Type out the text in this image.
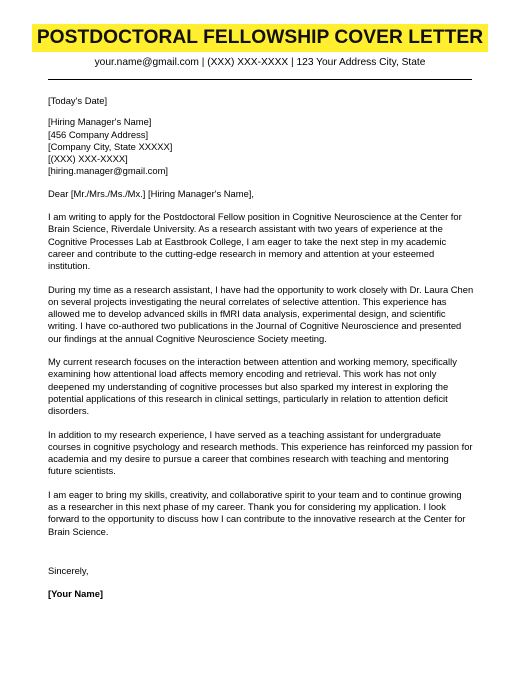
POSTDOCTORAL FELLOWSHIP COVER LETTER
your.name@gmail.com | (XXX) XXX-XXXX | 123 Your Address City, State

[Today's Date]

[Hiring Manager's Name]
[456 Company Address]
[Company City, State XXXXX]
[(XXX) XXX-XXXX]
[hiring.manager@gmail.com]

Dear [Mr./Mrs./Ms./Mx.] [Hiring Manager's Name],

I am writing to apply for the Postdoctoral Fellow position in Cognitive Neuroscience at the Center for
Brain Science, Riverdale University. As a research assistant with two years of experience at the
Cognitive Processes Lab at Eastbrook College, I am eager to take the next step in my academic
career and contribute to the cutting-edge research in memory and attention at your esteemed
institution.
During my time as a research assistant, I have had the opportunity to work closely with Dr. Laura Chen
on several projects investigating the neural correlates of selective attention. This experience has
allowed me to develop advanced skills in fMRI data analysis, experimental design, and scientific
writing. I have co-authored two publications in the Journal of Cognitive Neuroscience and presented
our findings at the annual Cognitive Neuroscience Society meeting.
My current research focuses on the interaction between attention and working memory, specifically
examining how attentional load affects memory encoding and retrieval. This work has not only
deepened my understanding of cognitive processes but also sparked my interest in exploring the
potential applications of this research in clinical settings, particularly in relation to attention deficit
disorders.
In addition to my research experience, I have served as a teaching assistant for undergraduate
courses in cognitive psychology and research methods. This experience has reinforced my passion for
academia and my desire to pursue a career that combines research with teaching and mentoring
future scientists.
I am eager to bring my skills, creativity, and collaborative spirit to your team and to continue growing
as a researcher in this next phase of my career. Thank you for considering my application. I look
forward to the opportunity to discuss how I can contribute to the innovative research at the Center for
Brain Science.

Sincerely,

[Your Name]
